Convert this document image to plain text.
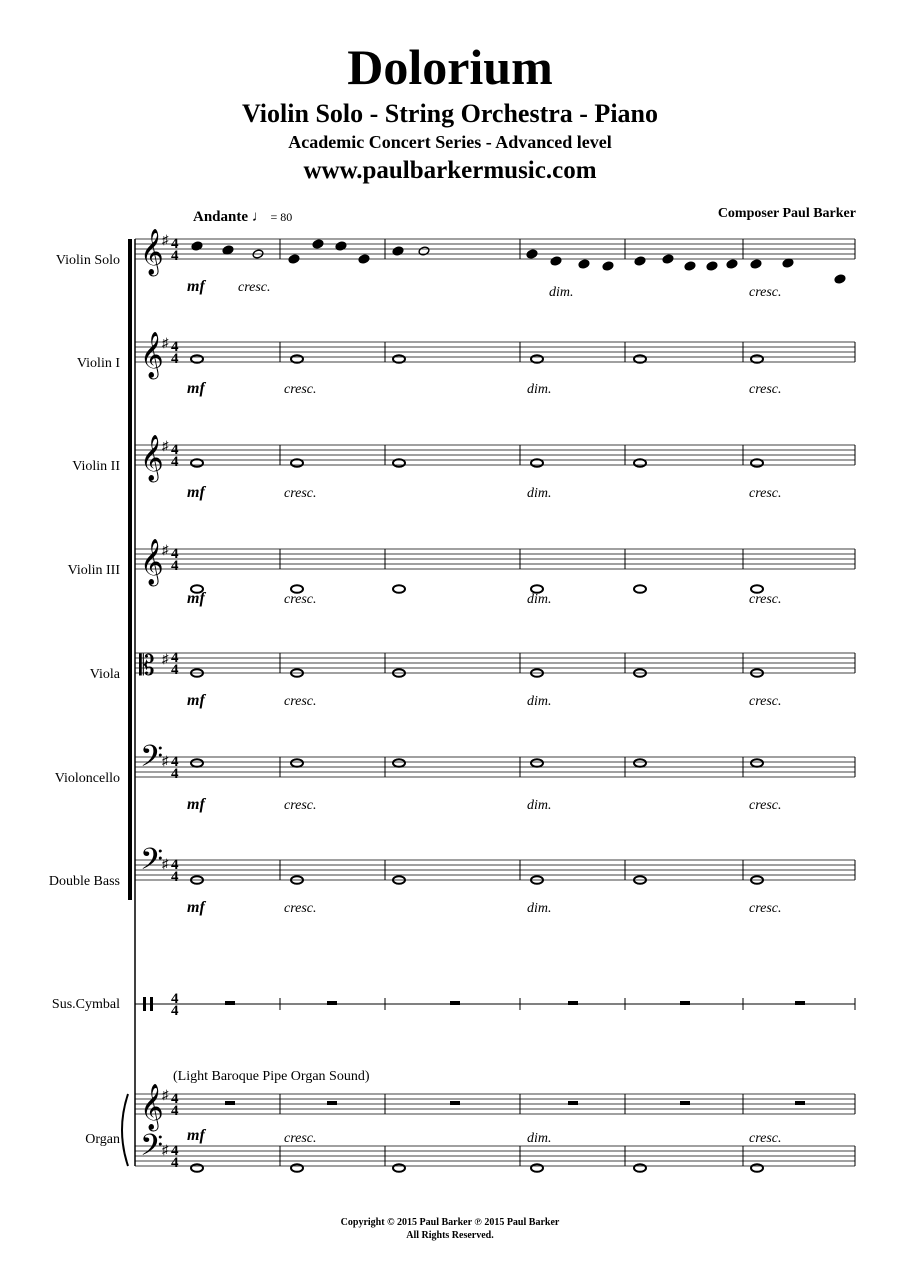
Dolorium
Violin Solo - String Orchestra - Piano
Academic Concert Series - Advanced level
www.paulbarkermusic.com
Composer Paul Barker
Andante ♩ = 80
Violin Solo
Violin I
Violin II
Violin III
Viola
Violoncello
Double Bass
Sus.Cymbal
Organ
(Light Baroque Pipe Organ Sound)
𝄞
♯ 4
4
𝄞
♯ 4
4
𝄞
♯ 4
4
𝄞
♯ 4
4
𝄡 ♯ 4
4
𝄢
♯ 4
4
𝄢
♯ 4
4
4
4
𝄞
♯ 4
4
𝄢
♯ 4
4
mf
mf
mf
mf
mf
mf
mf
mf
cresc.	dim.	cresc.
cresc.	cresc.
cresc.	dim.	cresc.
cresc.	dim.	cresc.
cresc.	dim.	cresc.
cresc.	dim.	cresc.
cresc.	dim.	cresc.
cresc.	dim.	cresc.
dim.
Copyright © 2015 Paul Barker ℗ 2015 Paul Barker
All Rights Reserved.
